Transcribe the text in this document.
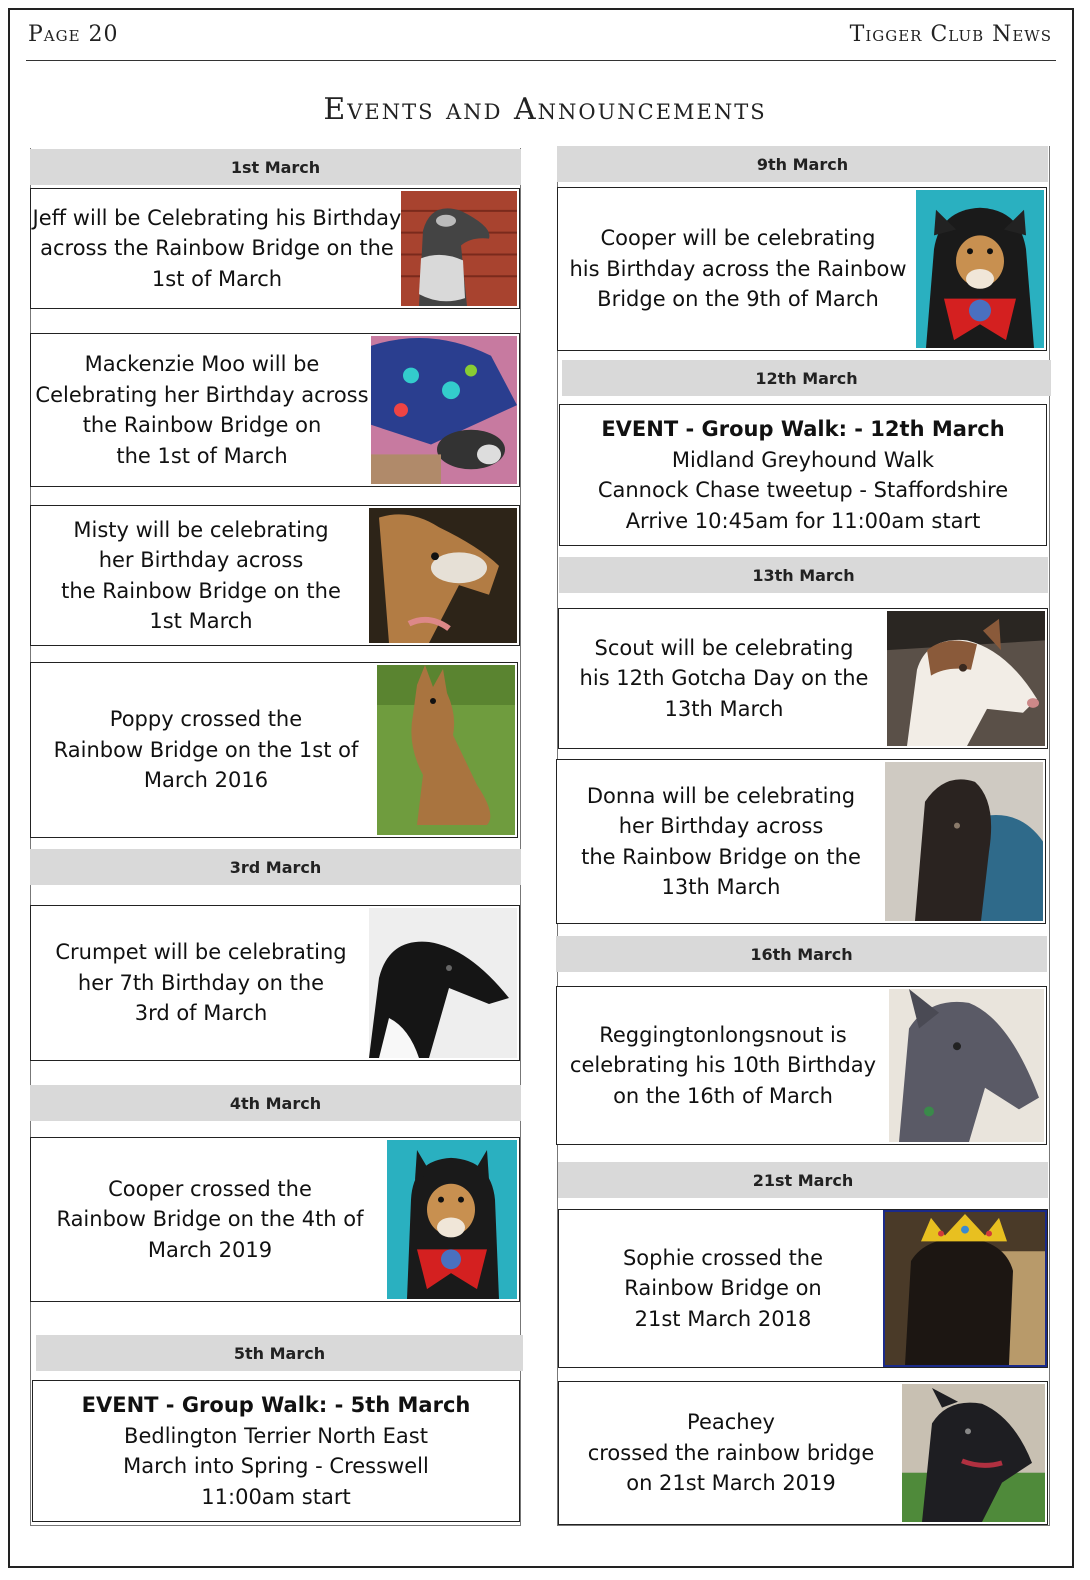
Page 20	Tigger Club News
Events and Announcements
1st March
Jeff will be Celebrating his Birthday
across the Rainbow Bridge on the
1st of March
Mackenzie Moo will be
Celebrating her Birthday across
the Rainbow Bridge on
the 1st of March
Misty will be celebrating
her Birthday across
the Rainbow Bridge on the
1st March
Poppy crossed the
Rainbow Bridge on the 1st of
March 2016
3rd March
Crumpet will be celebrating
her 7th Birthday on the
3rd of March
4th March
Cooper crossed the
Rainbow Bridge on the 4th of
March 2019
5th March
EVENT - Group Walk: - 5th March
Bedlington Terrier North East
March into Spring - Cresswell
11:00am start
9th March
Cooper will be celebrating
his Birthday across the Rainbow
Bridge on the 9th of March
12th March
EVENT - Group Walk: - 12th March
Midland Greyhound Walk
Cannock Chase tweetup - Staffordshire
Arrive 10:45am for 11:00am start
13th March
Scout will be celebrating
his 12th Gotcha Day on the
13th March
Donna will be celebrating
her Birthday across
the Rainbow Bridge on the
13th March
16th March
Reggingtonlongsnout is
celebrating his 10th Birthday
on the 16th of March
21st March
Sophie crossed the
Rainbow Bridge on
21st March 2018
Peachey
crossed the rainbow bridge
on 21st March 2019
